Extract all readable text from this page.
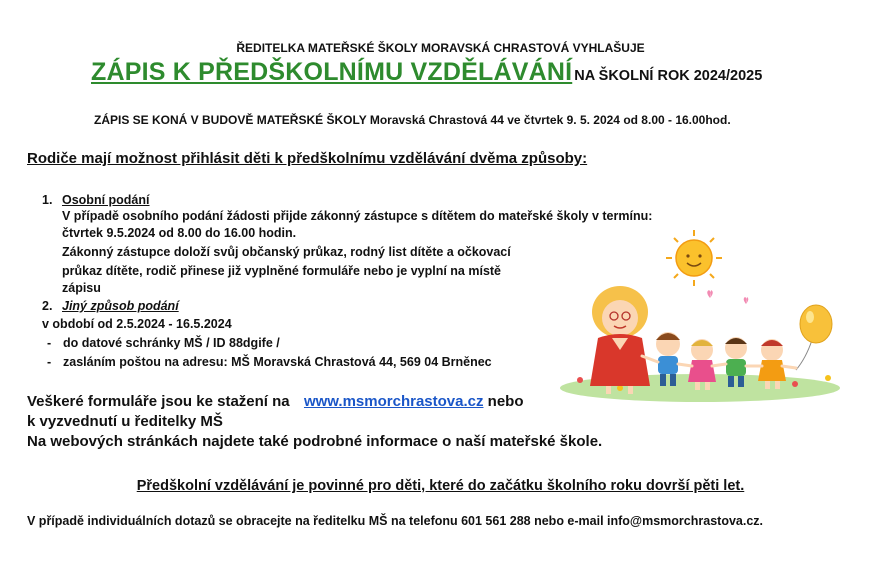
ŘEDITELKA MATEŘSKÉ ŠKOLY MORAVSKÁ CHRASTOVÁ VYHLAŠUJE
ZÁPIS K PŘEDŠKOLNÍMU VZDĚLÁVÁNÍ NA ŠKOLNÍ ROK 2024/2025
ZÁPIS SE KONÁ V BUDOVĚ MATEŘSKÉ ŠKOLY Moravská Chrastová 44 ve čtvrtek 9. 5. 2024 od 8.00 - 16.00hod.
Rodiče mají možnost přihlásit děti k předškolnímu vzdělávání dvěma způsoby:
1. Osobní podání
V případě osobního podání žádosti přijde zákonný zástupce s dítětem do mateřské školy v termínu:
čtvrtek 9.5.2024 od 8.00 do 16.00 hodin.
Zákonný zástupce doloží svůj občanský průkaz, rodný list dítěte a očkovací
průkaz dítěte, rodič přinese již vyplněné formuláře nebo je vyplní na místě
zápisu
2. Jiný způsob podání
v období od 2.5.2024 - 16.5.2024
- do datové schránky MŠ / ID 88dgife /
- zasláním poštou na adresu: MŠ Moravská Chrastová 44, 569 04 Brněnec
Veškeré formuláře jsou ke stažení na www.msmorchrastova.cz nebo
k vyzvednutí u ředitelky MŠ
Na webových stránkách najdete také podrobné informace o naší mateřské škole.
Předškolní vzdělávání je povinné pro děti, které do začátku školního roku dovrší pěti let.
V případě individuálních dotazů se obracejte na ředitelku MŠ na telefonu 601 561 288 nebo e-mail info@msmorchrastova.cz.
